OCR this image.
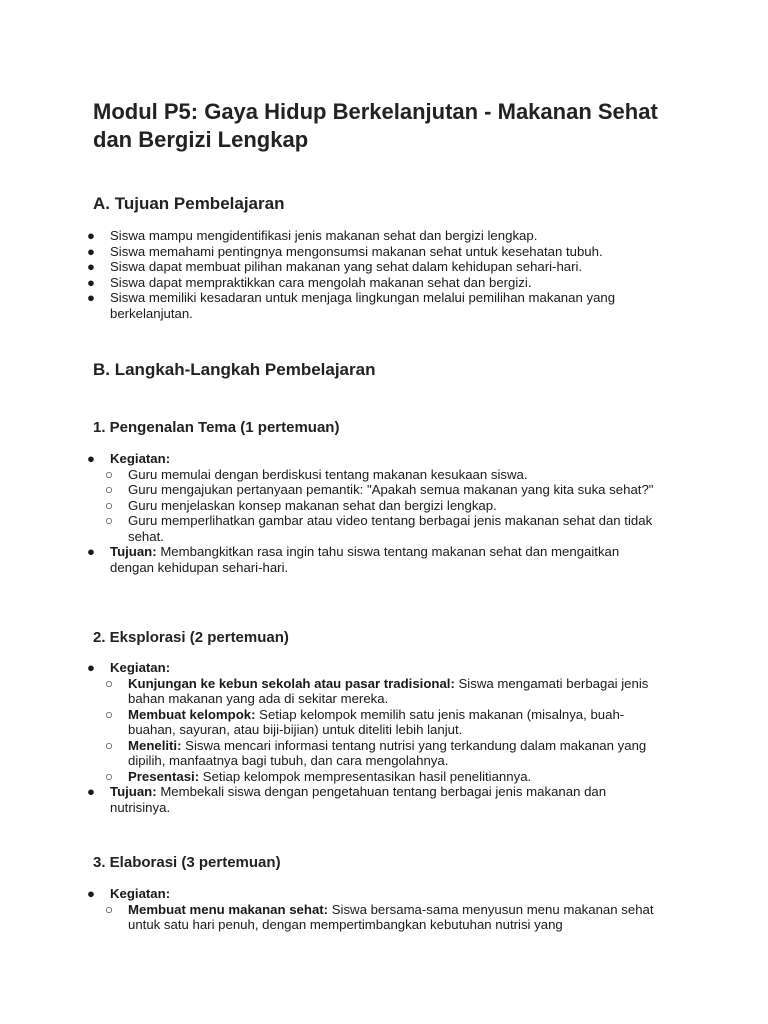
Modul P5: Gaya Hidup Berkelanjutan - Makanan Sehat dan Bergizi Lengkap
A. Tujuan Pembelajaran
● Siswa mampu mengidentifikasi jenis makanan sehat dan bergizi lengkap.
● Siswa memahami pentingnya mengonsumsi makanan sehat untuk kesehatan tubuh.
● Siswa dapat membuat pilihan makanan yang sehat dalam kehidupan sehari-hari.
● Siswa dapat mempraktikkan cara mengolah makanan sehat dan bergizi.
● Siswa memiliki kesadaran untuk menjaga lingkungan melalui pemilihan makanan yang berkelanjutan.
B. Langkah-Langkah Pembelajaran
1. Pengenalan Tema (1 pertemuan)
● Kegiatan:
○ Guru memulai dengan berdiskusi tentang makanan kesukaan siswa.
○ Guru mengajukan pertanyaan pemantik: "Apakah semua makanan yang kita suka sehat?"
○ Guru menjelaskan konsep makanan sehat dan bergizi lengkap.
○ Guru memperlihatkan gambar atau video tentang berbagai jenis makanan sehat dan tidak sehat.
● Tujuan: Membangkitkan rasa ingin tahu siswa tentang makanan sehat dan mengaitkan dengan kehidupan sehari-hari.
2. Eksplorasi (2 pertemuan)
● Kegiatan:
○ Kunjungan ke kebun sekolah atau pasar tradisional: Siswa mengamati berbagai jenis bahan makanan yang ada di sekitar mereka.
○ Membuat kelompok: Setiap kelompok memilih satu jenis makanan (misalnya, buah-buahan, sayuran, atau biji-bijian) untuk diteliti lebih lanjut.
○ Meneliti: Siswa mencari informasi tentang nutrisi yang terkandung dalam makanan yang dipilih, manfaatnya bagi tubuh, dan cara mengolahnya.
○ Presentasi: Setiap kelompok mempresentasikan hasil penelitiannya.
● Tujuan: Membekali siswa dengan pengetahuan tentang berbagai jenis makanan dan nutrisinya.
3. Elaborasi (3 pertemuan)
● Kegiatan:
○ Membuat menu makanan sehat: Siswa bersama-sama menyusun menu makanan sehat untuk satu hari penuh, dengan mempertimbangkan kebutuhan nutrisi yang
